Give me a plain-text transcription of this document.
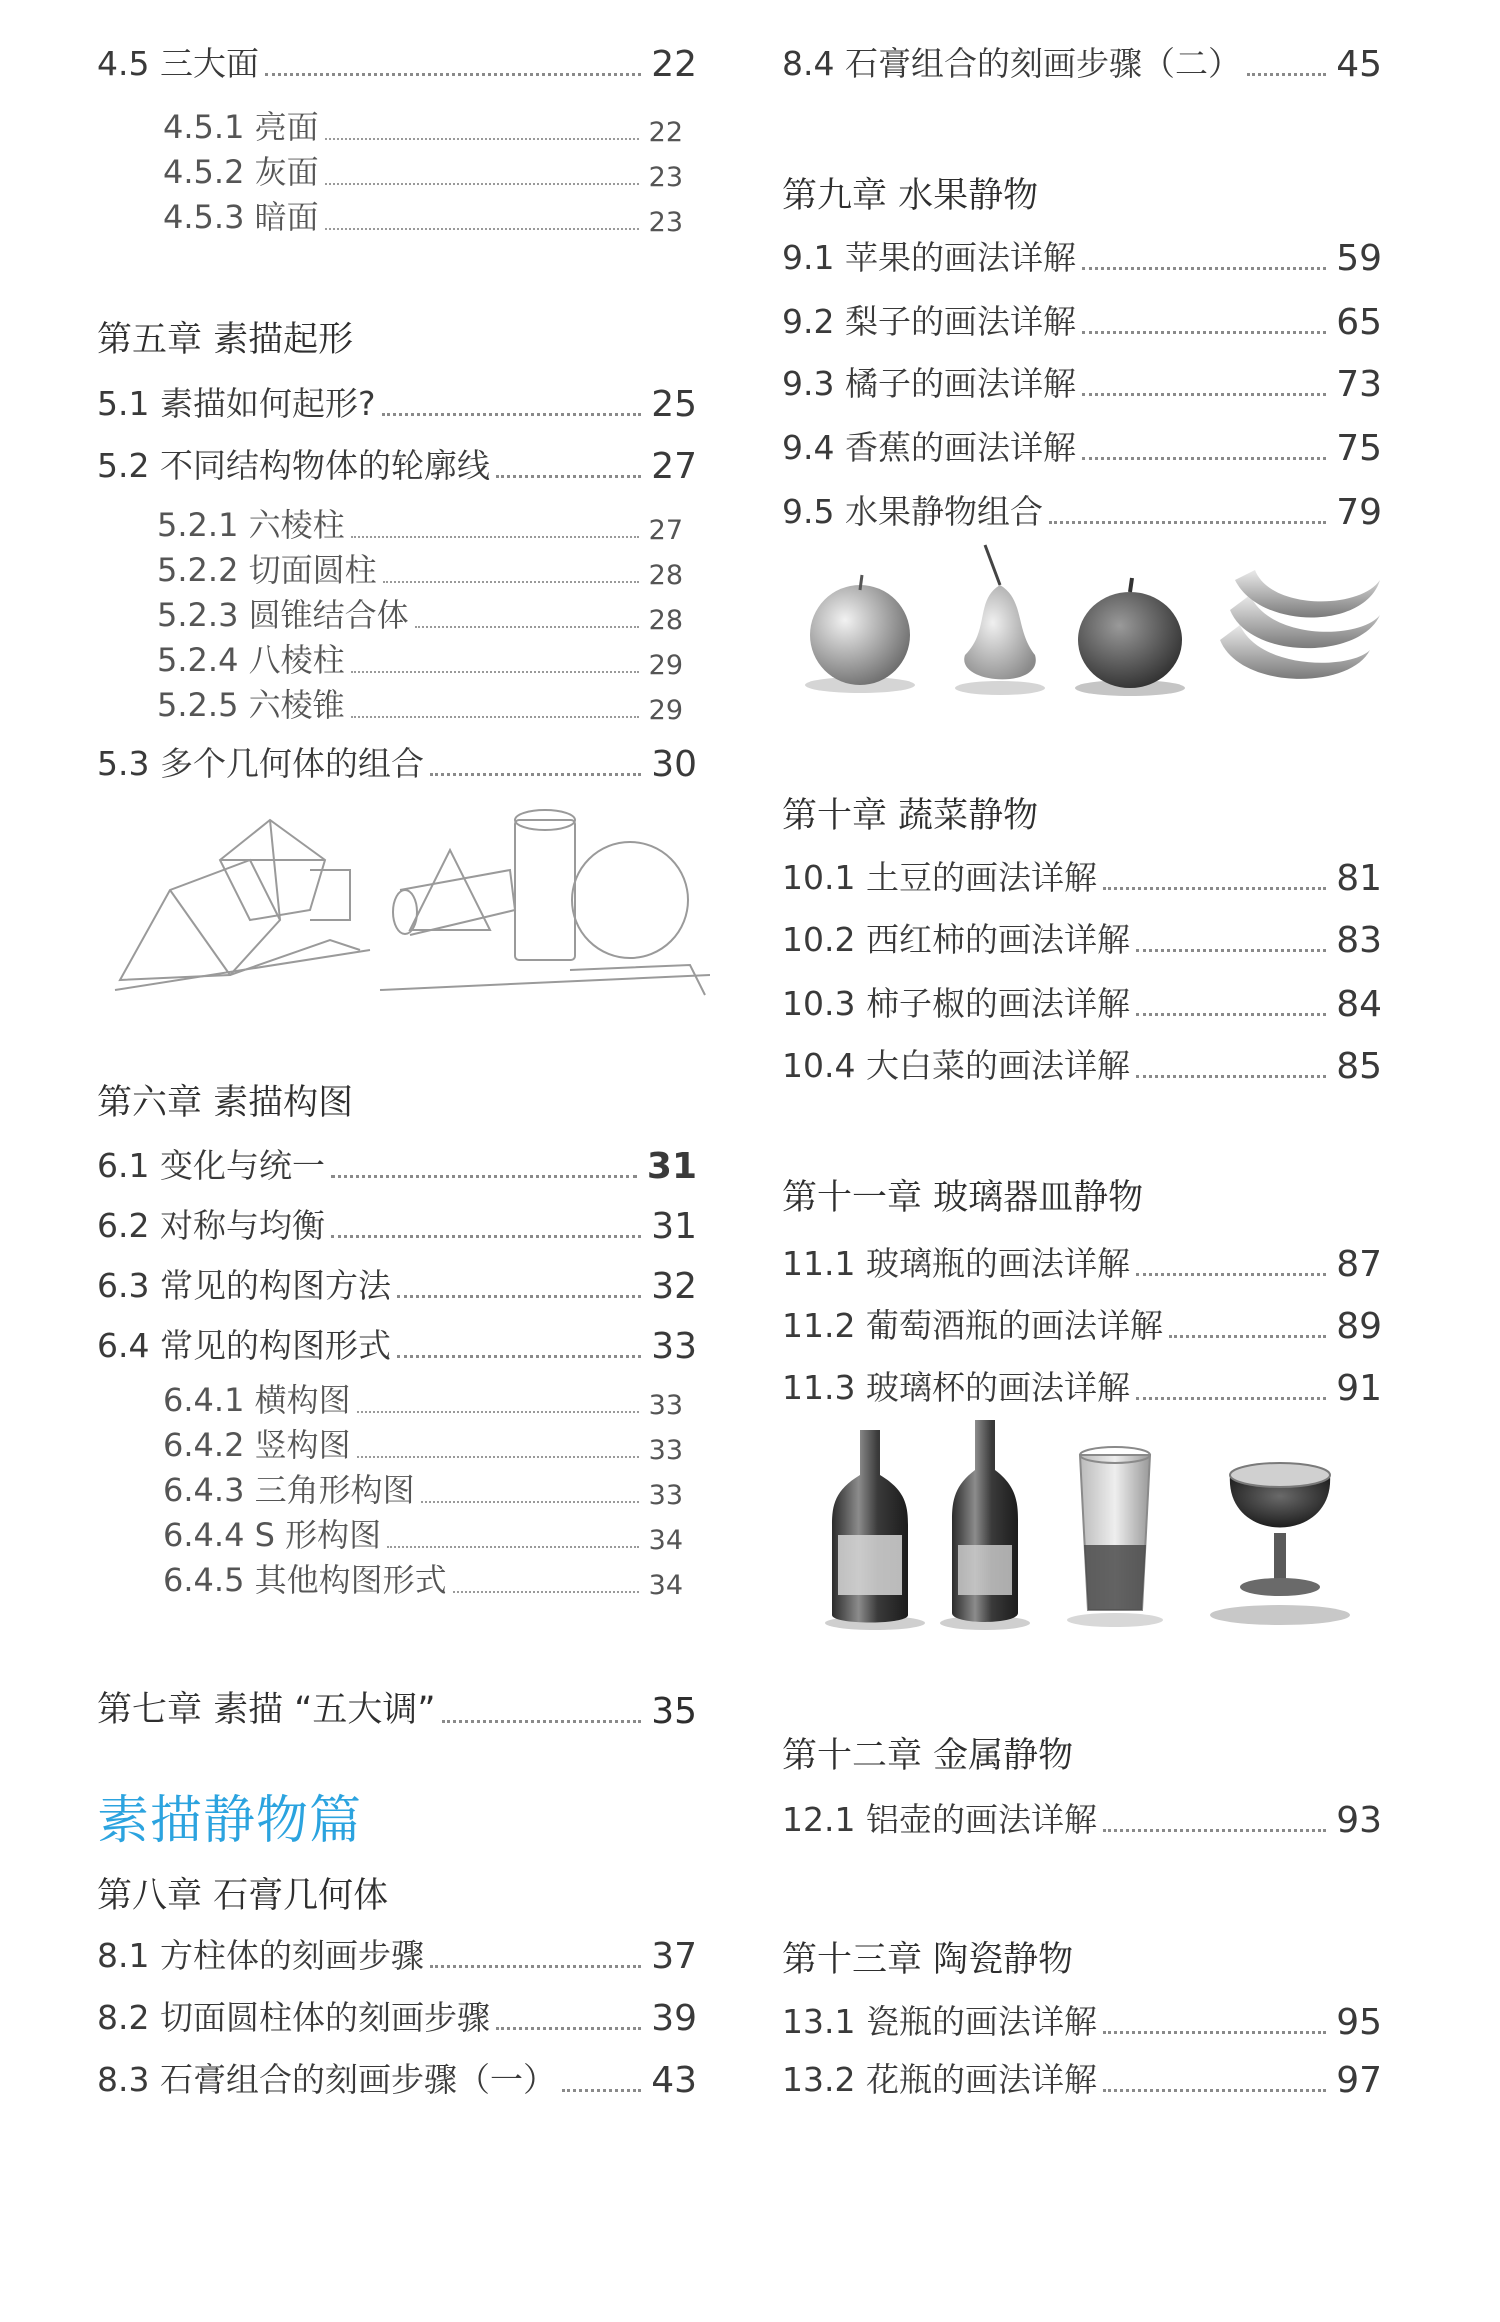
4.5 三大面	22
4.5.1 亮面	22
4.5.2 灰面	23
4.5.3 暗面	23
第五章 素描起形
5.1 素描如何起形?	25
5.2 不同结构物体的轮廓线	27
5.2.1 六棱柱	27
5.2.2 切面圆柱	28
5.2.3 圆锥结合体	28
5.2.4 八棱柱	29
5.2.5 六棱锥	29
5.3 多个几何体的组合	30
第六章 素描构图
6.1 变化与统一	31
6.2 对称与均衡	31
6.3 常见的构图方法	32
6.4 常见的构图形式	33
6.4.1 横构图	33
6.4.2 竖构图	33
6.4.3 三角形构图	33
6.4.4 S 形构图	34
6.4.5 其他构图形式	34
第七章 素描 “五大调”	35
素描静物篇
第八章 石膏几何体
8.1 方柱体的刻画步骤	37
8.2 切面圆柱体的刻画步骤	39
8.3 石膏组合的刻画步骤（一）	43
8.4 石膏组合的刻画步骤（二）	45
第九章 水果静物
9.1 苹果的画法详解	59
9.2 梨子的画法详解	65
9.3 橘子的画法详解	73
9.4 香蕉的画法详解	75
9.5 水果静物组合	79
第十章 蔬菜静物
10.1 土豆的画法详解	81
10.2 西红柿的画法详解	83
10.3 柿子椒的画法详解	84
10.4 大白菜的画法详解	85
第十一章 玻璃器皿静物
11.1 玻璃瓶的画法详解	87
11.2 葡萄酒瓶的画法详解	89
11.3 玻璃杯的画法详解	91
第十二章 金属静物
12.1 铝壶的画法详解	93
第十三章 陶瓷静物
13.1 瓷瓶的画法详解	95
13.2 花瓶的画法详解	97
